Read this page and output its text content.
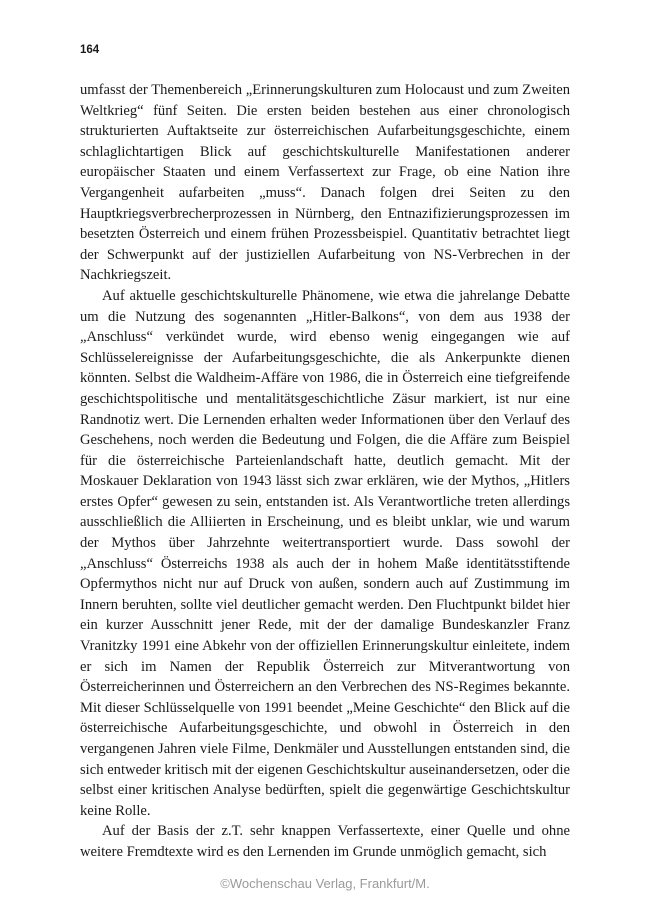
164

umfasst der Themenbereich „Erinnerungskulturen zum Holocaust und zum Zweiten Weltkrieg“ fünf Seiten. Die ersten beiden bestehen aus einer chronologisch strukturierten Auftaktseite zur österreichischen Aufarbeitungsgeschichte, einem schlaglichtartigen Blick auf geschichtskulturelle Manifestationen anderer europäischer Staaten und einem Verfassertext zur Frage, ob eine Nation ihre Vergangenheit aufarbeiten „muss“. Danach folgen drei Seiten zu den Hauptkriegsverbrecherprozessen in Nürnberg, den Entnazifizierungsprozessen im besetzten Österreich und einem frühen Prozessbeispiel. Quantitativ betrachtet liegt der Schwerpunkt auf der justiziellen Aufarbeitung von NS-Verbrechen in der Nachkriegszeit.

Auf aktuelle geschichtskulturelle Phänomene, wie etwa die jahrelange Debatte um die Nutzung des sogenannten „Hitler-Balkons“, von dem aus 1938 der „Anschluss“ verkündet wurde, wird ebenso wenig eingegangen wie auf Schlüsselereignisse der Aufarbeitungsgeschichte, die als Ankerpunkte dienen könnten. Selbst die Waldheim-Affäre von 1986, die in Österreich eine tiefgreifende geschichtspolitische und mentalitätsgeschichtliche Zäsur markiert, ist nur eine Randnotiz wert. Die Lernenden erhalten weder Informationen über den Verlauf des Geschehens, noch werden die Bedeutung und Folgen, die die Affäre zum Beispiel für die österreichische Parteienlandschaft hatte, deutlich gemacht. Mit der Moskauer Deklaration von 1943 lässt sich zwar erklären, wie der Mythos, „Hitlers erstes Opfer“ gewesen zu sein, entstanden ist. Als Verantwortliche treten allerdings ausschließlich die Alliierten in Erscheinung, und es bleibt unklar, wie und warum der Mythos über Jahrzehnte weitertransportiert wurde. Dass sowohl der „Anschluss“ Österreichs 1938 als auch der in hohem Maße identitätsstiftende Opfermythos nicht nur auf Druck von außen, sondern auch auf Zustimmung im Innern beruhten, sollte viel deutlicher gemacht werden. Den Fluchtpunkt bildet hier ein kurzer Ausschnitt jener Rede, mit der der damalige Bundeskanzler Franz Vranitzky 1991 eine Abkehr von der offiziellen Erinnerungskultur einleitete, indem er sich im Namen der Republik Österreich zur Mitverantwortung von Österreicherinnen und Österreichern an den Verbrechen des NS-Regimes bekannte. Mit dieser Schlüsselquelle von 1991 beendet „Meine Geschichte“ den Blick auf die österreichische Aufarbeitungsgeschichte, und obwohl in Österreich in den vergangenen Jahren viele Filme, Denkmäler und Ausstellungen entstanden sind, die sich entweder kritisch mit der eigenen Geschichtskultur auseinandersetzen, oder die selbst einer kritischen Analyse bedürften, spielt die gegenwärtige Geschichtskultur keine Rolle.

Auf der Basis der z.T. sehr knappen Verfassertexte, einer Quelle und ohne weitere Fremdtexte wird es den Lernenden im Grunde unmöglich gemacht, sich

©Wochenschau Verlag, Frankfurt/M.
